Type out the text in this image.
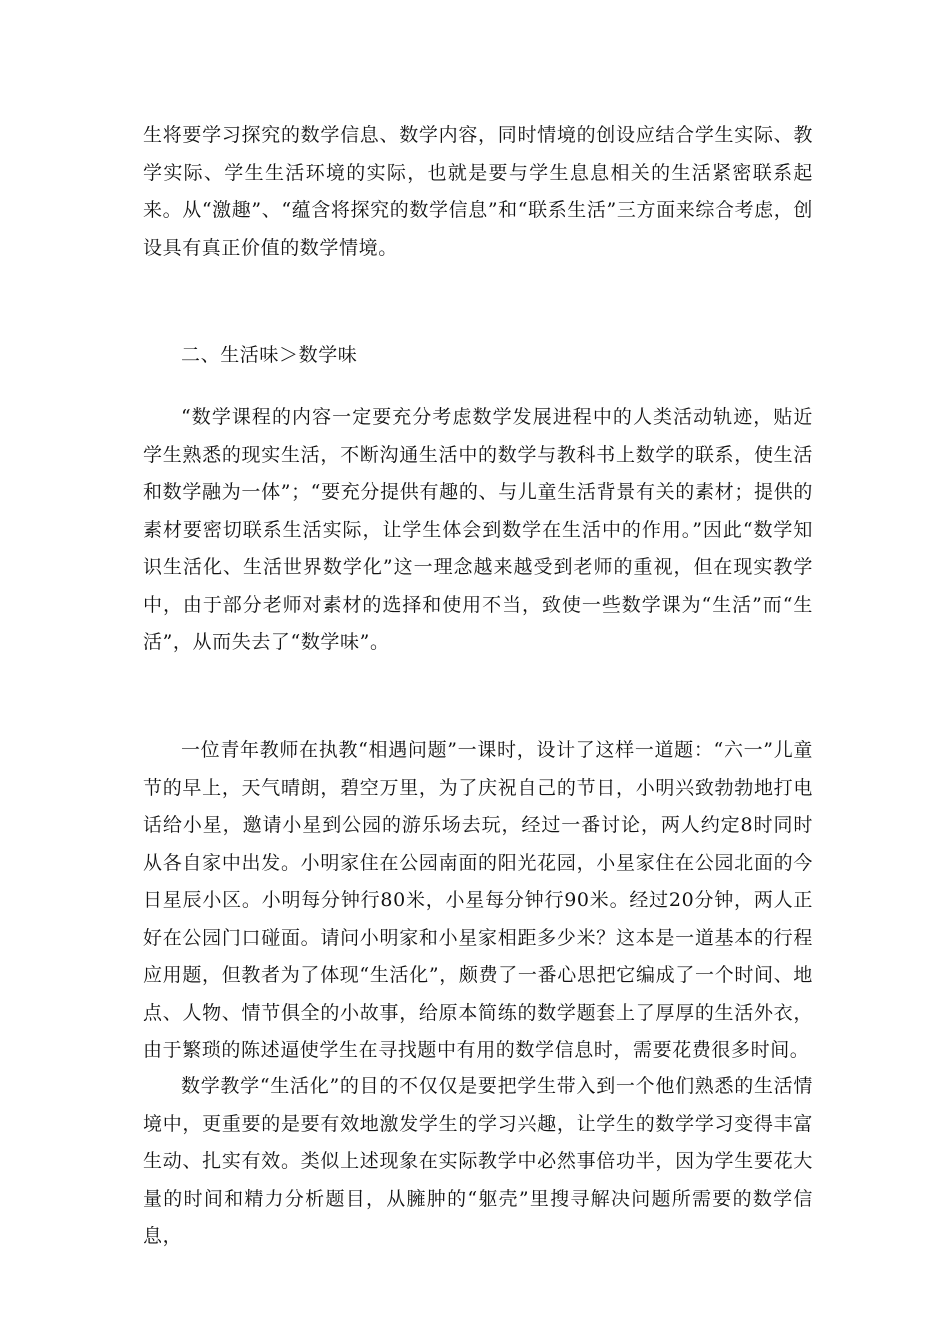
生将要学习探究的数学信息、数学内容，同时情境的创设应结合学生实际、教学实际、学生生活环境的实际，也就是要与学生息息相关的生活紧密联系起来。从“激趣”、“蕴含将探究的数学信息”和“联系生活”三方面来综合考虑，创设具有真正价值的数学情境。

二、生活味＞数学味

“数学课程的内容一定要充分考虑数学发展进程中的人类活动轨迹，贴近学生熟悉的现实生活，不断沟通生活中的数学与教科书上数学的联系，使生活和数学融为一体”；“要充分提供有趣的、与儿童生活背景有关的素材；提供的素材要密切联系生活实际，让学生体会到数学在生活中的作用。”因此“数学知识生活化、生活世界数学化”这一理念越来越受到老师的重视，但在现实教学中，由于部分老师对素材的选择和使用不当，致使一些数学课为“生活”而“生活”，从而失去了“数学味”。

一位青年教师在执教“相遇问题”一课时，设计了这样一道题：“六一”儿童节的早上，天气晴朗，碧空万里，为了庆祝自己的节日，小明兴致勃勃地打电话给小星，邀请小星到公园的游乐场去玩，经过一番讨论，两人约定8时同时从各自家中出发。小明家住在公园南面的阳光花园，小星家住在公园北面的今日星辰小区。小明每分钟行80米，小星每分钟行90米。经过20分钟，两人正好在公园门口碰面。请问小明家和小星家相距多少米？这本是一道基本的行程应用题，但教者为了体现“生活化”，颇费了一番心思把它编成了一个时间、地点、人物、情节俱全的小故事，给原本简练的数学题套上了厚厚的生活外衣，由于繁琐的陈述逼使学生在寻找题中有用的数学信息时，需要花费很多时间。

数学教学“生活化”的目的不仅仅是要把学生带入到一个他们熟悉的生活情境中，更重要的是要有效地激发学生的学习兴趣，让学生的数学学习变得丰富生动、扎实有效。类似上述现象在实际教学中必然事倍功半，因为学生要花大量的时间和精力分析题目，从臃肿的“躯壳”里搜寻解决问题所需要的数学信息，
